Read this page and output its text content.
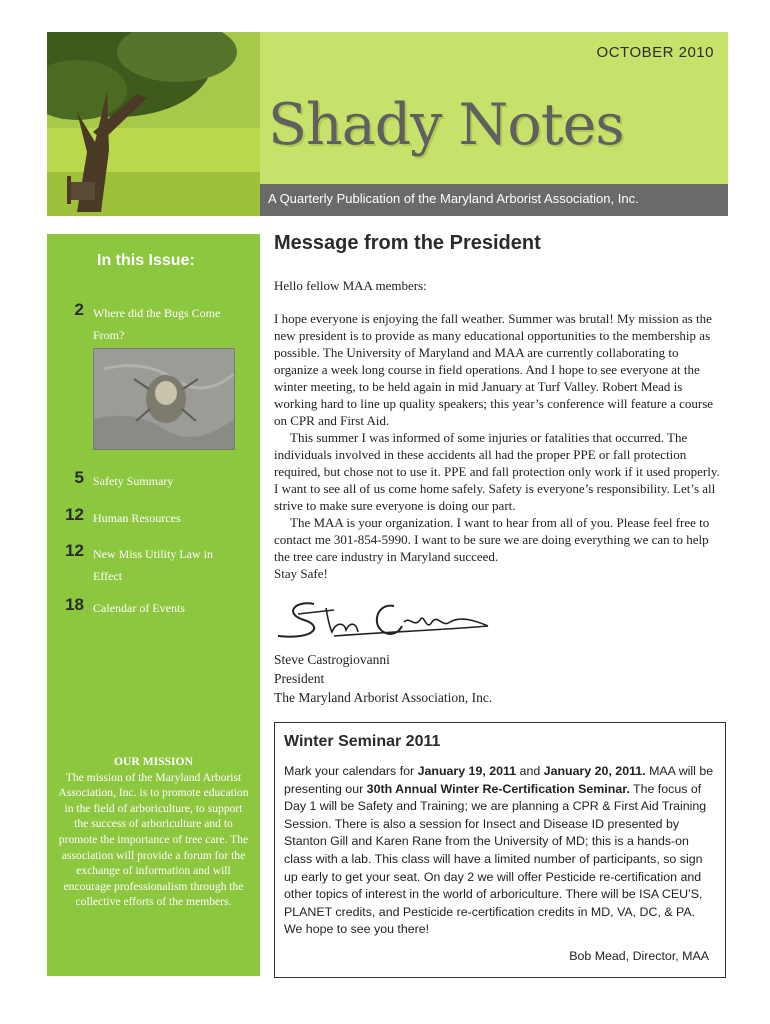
OCTOBER 2010
Shady Notes
A Quarterly Publication of the Maryland Arborist Association, Inc.
In this Issue:
2 Where did the Bugs Come From?
5 Safety Summary
12 Human Resources
12 New Miss Utility Law in Effect
18 Calendar of Events
OUR MISSION
The mission of the Maryland Arborist Association, Inc. is to promote education in the field of arboriculture, to support the success of arboriculture and to promote the importance of tree care. The association will provide a forum for the exchange of information and will encourage professionalism through the collective efforts of the members.
Message from the President
Hello fellow MAA members:

I hope everyone is enjoying the fall weather. Summer was brutal! My mission as the new president is to provide as many educational opportunities to the membership as possible. The University of Maryland and MAA are currently collaborating to organize a week long course in field operations. And I hope to see everyone at the winter meeting, to be held again in mid January at Turf Valley. Robert Mead is working hard to line up quality speakers; this year’s conference will feature a course on CPR and First Aid.

This summer I was informed of some injuries or fatalities that occurred. The individuals involved in these accidents all had the proper PPE or fall protection required, but chose not to use it. PPE and fall protection only work if it used properly. I want to see all of us come home safely. Safety is everyone’s responsibility. Let’s all strive to make sure everyone is doing our part.

The MAA is your organization. I want to hear from all of you. Please feel free to contact me 301-854-5990. I want to be sure we are doing everything we can to help the tree care industry in Maryland succeed.

Stay Safe!

Steve Castrogiovanni
President
The Maryland Arborist Association, Inc.
Winter Seminar 2011
Mark your calendars for January 19, 2011 and January 20, 2011. MAA will be presenting our 30th Annual Winter Re-Certification Seminar. The focus of Day 1 will be Safety and Training; we are planning a CPR & First Aid Training Session. There is also a session for Insect and Disease ID presented by Stanton Gill and Karen Rane from the University of MD; this is a hands-on class with a lab. This class will have a limited number of participants, so sign up early to get your seat. On day 2 we will offer Pesticide re-certification and other topics of interest in the world of arboriculture. There will be ISA CEU’S, PLANET credits, and Pesticide re-certification credits in MD, VA, DC, & PA. We hope to see you there!
Bob Mead, Director, MAA
